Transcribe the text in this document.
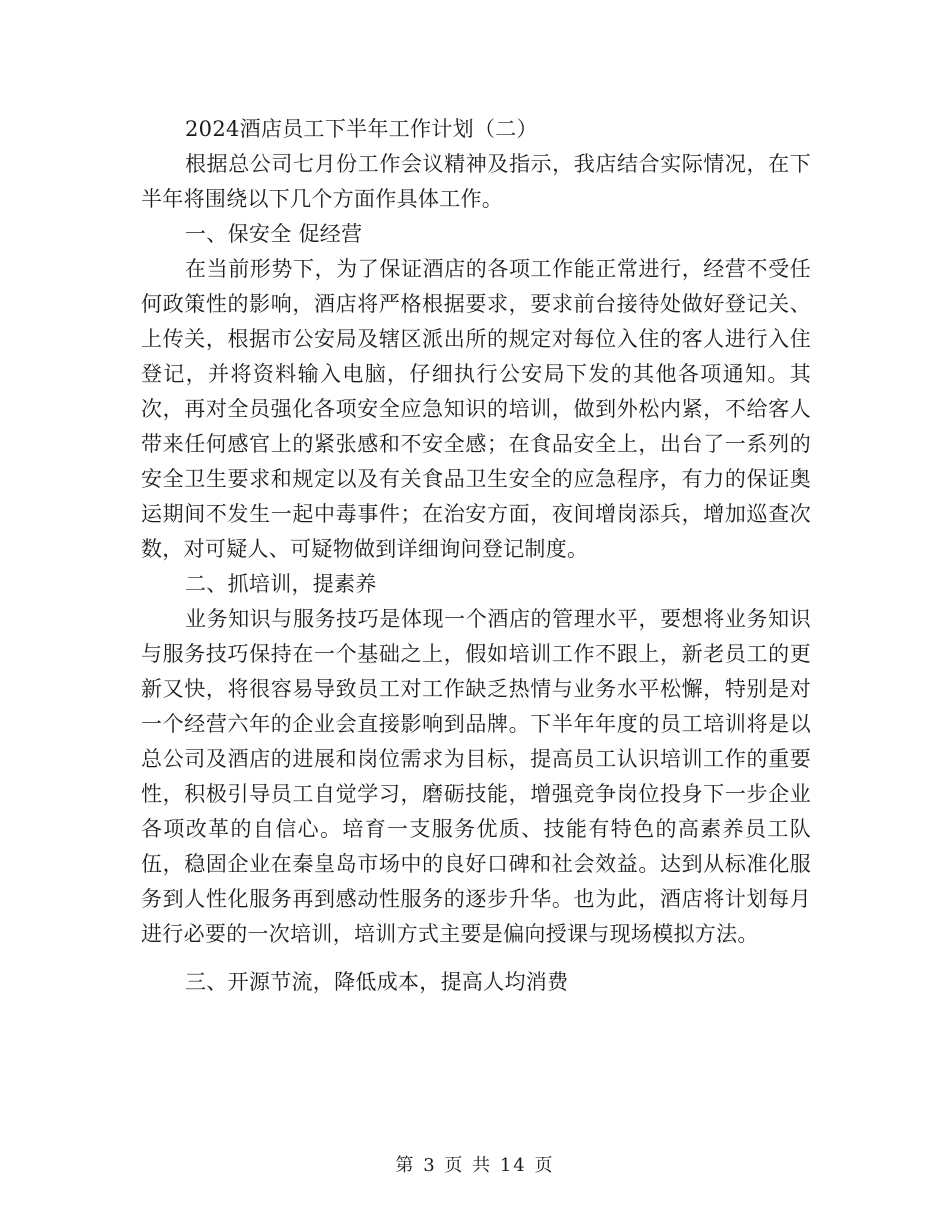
2024酒店员工下半年工作计划（二）

根据总公司七月份工作会议精神及指示，我店结合实际情况，在下半年将围绕以下几个方面作具体工作。

一、保安全 促经营

在当前形势下，为了保证酒店的各项工作能正常进行，经营不受任何政策性的影响，酒店将严格根据要求，要求前台接待处做好登记关、上传关，根据市公安局及辖区派出所的规定对每位入住的客人进行入住登记，并将资料输入电脑，仔细执行公安局下发的其他各项通知。其次，再对全员强化各项安全应急知识的培训，做到外松内紧，不给客人带来任何感官上的紧张感和不安全感；在食品安全上，出台了一系列的安全卫生要求和规定以及有关食品卫生安全的应急程序，有力的保证奥运期间不发生一起中毒事件；在治安方面，夜间增岗添兵，增加巡查次数，对可疑人、可疑物做到详细询问登记制度。

二、抓培训，提素养

业务知识与服务技巧是体现一个酒店的管理水平，要想将业务知识与服务技巧保持在一个基础之上，假如培训工作不跟上，新老员工的更新又快，将很容易导致员工对工作缺乏热情与业务水平松懈，特别是对一个经营六年的企业会直接影响到品牌。下半年年度的员工培训将是以总公司及酒店的进展和岗位需求为目标，提高员工认识培训工作的重要性，积极引导员工自觉学习，磨砺技能，增强竞争岗位投身下一步企业各项改革的自信心。培育一支服务优质、技能有特色的高素养员工队伍，稳固企业在秦皇岛市场中的良好口碑和社会效益。达到从标准化服务到人性化服务再到感动性服务的逐步升华。也为此，酒店将计划每月进行必要的一次培训，培训方式主要是偏向授课与现场模拟方法。

三、开源节流，降低成本，提高人均消费

第 3 页 共 14 页
